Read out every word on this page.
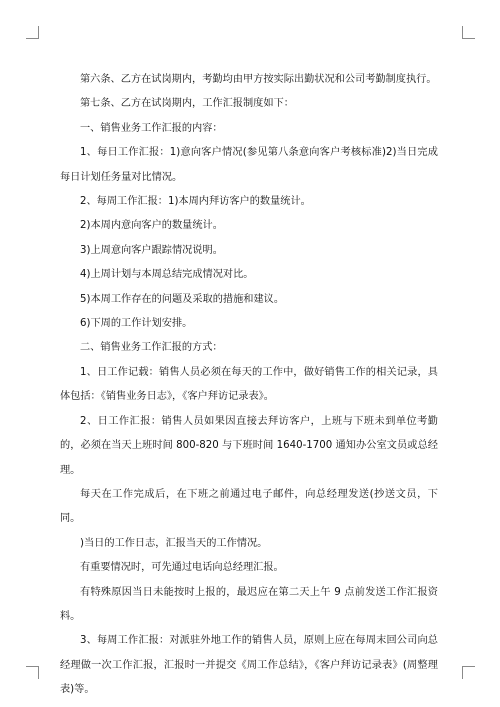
第六条、乙方在试岗期内，考勤均由甲方按实际出勤状况和公司考勤制度执行。

第七条、乙方在试岗期内，工作汇报制度如下：

一、销售业务工作汇报的内容：

1、每日工作汇报：1)意向客户情况(参见第八条意向客户考核标准)2)当日完成每日计划任务量对比情况。

2、每周工作汇报：1)本周内拜访客户的数量统计。

2)本周内意向客户的数量统计。

3)上周意向客户跟踪情况说明。

4)上周计划与本周总结完成情况对比。

5)本周工作存在的问题及采取的措施和建议。

6)下周的工作计划安排。

二、销售业务工作汇报的方式：

1、日工作记载：销售人员必须在每天的工作中，做好销售工作的相关记录，具体包括：《销售业务日志》，《客户拜访记录表》。

2、日工作汇报：销售人员如果因直接去拜访客户，上班与下班未到单位考勤的，必须在当天上班时间 800-820 与下班时间 1640-1700 通知办公室文员或总经理。

每天在工作完成后，在下班之前通过电子邮件，向总经理发送(抄送文员，下同。

)当日的工作日志，汇报当天的工作情况。

有重要情况时，可先通过电话向总经理汇报。

有特殊原因当日未能按时上报的，最迟应在第二天上午 9 点前发送工作汇报资料。

3、每周工作汇报：对派驻外地工作的销售人员，原则上应在每周末回公司向总经理做一次工作汇报，汇报时一并提交《周工作总结》，《客户拜访记录表》(周整理表)等。
